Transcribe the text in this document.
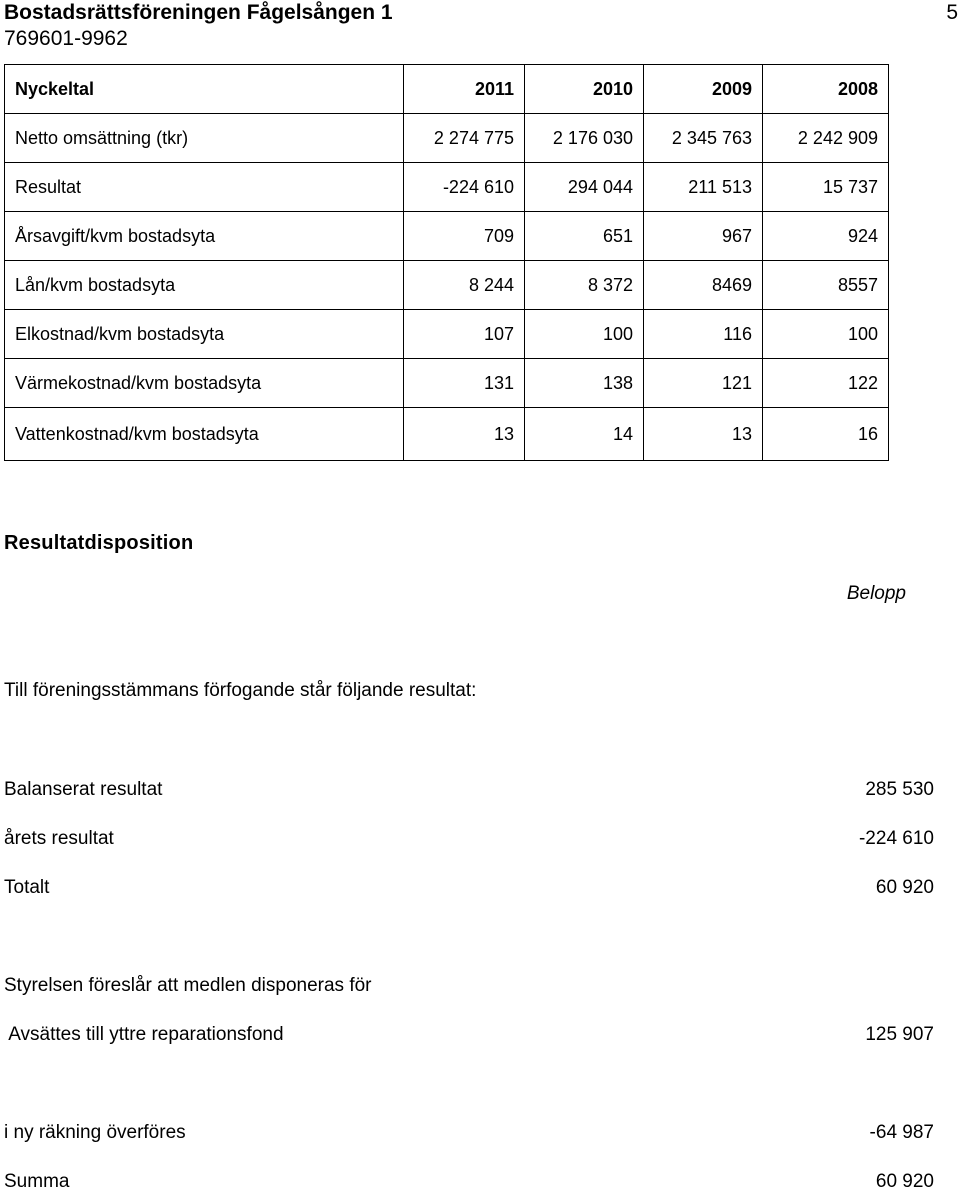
Bostadsrättsföreningen Fågelsången 1
769601-9962
5
Nyckeltal	2011	2010	2009	2008
Netto omsättning (tkr)	2 274 775	2 176 030	2 345 763	2 242 909
Resultat	-224 610	294 044	211 513	15 737
Årsavgift/kvm bostadsyta	709	651	967	924
Lån/kvm bostadsyta	8 244	8 372	8469	8557
Elkostnad/kvm bostadsyta	107	100	116	100
Värmekostnad/kvm bostadsyta	131	138	121	122
Vattenkostnad/kvm bostadsyta	13	14	13	16
Resultatdisposition
Belopp
Till föreningsstämmans förfogande står följande resultat:
Balanserat resultat	285 530
årets resultat	-224 610
Totalt	60 920
Styrelsen föreslår att medlen disponeras för
Avsättes till yttre reparationsfond	125 907
i ny räkning överföres	-64 987
Summa	60 920
